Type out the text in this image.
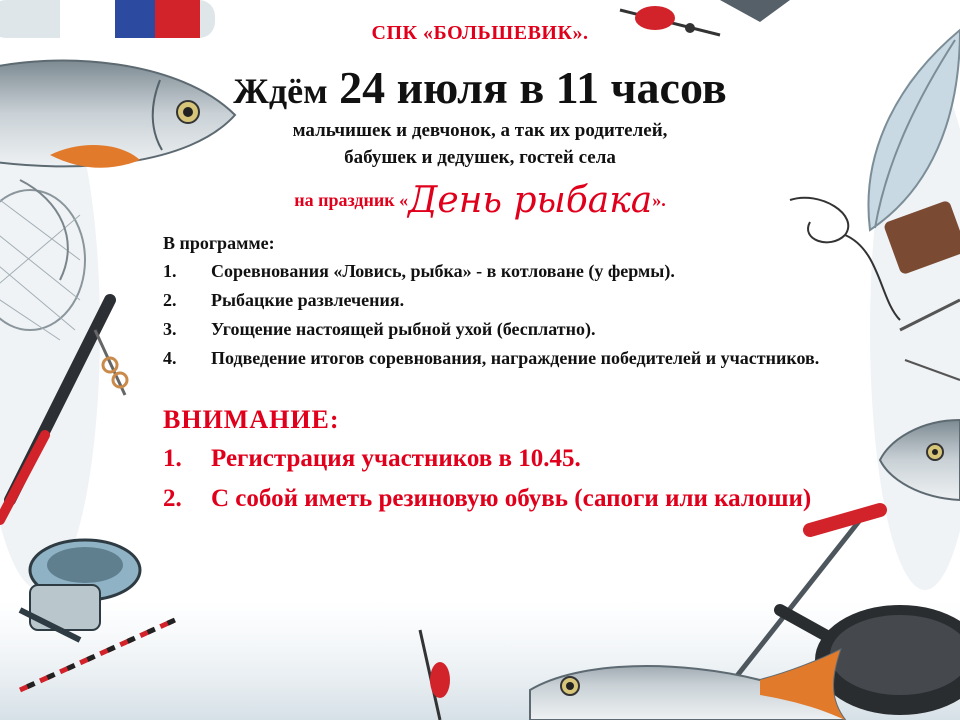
СПК «БОЛЬШЕВИК».
Ждём 24 июля в 11 часов
мальчишек и девчонок, а так их родителей,
бабушек и дедушек, гостей села
на праздник «День рыбака».
В программе:
1.	Соревнования «Ловись, рыбка» - в котловане (у фермы).
2.	Рыбацкие развлечения.
3.	Угощение настоящей рыбной ухой (бесплатно).
4.	Подведение итогов соревнования, награждение победителей и участников.
ВНИМАНИЕ:
1.	Регистрация участников в 10.45.
2.	С собой иметь резиновую обувь (сапоги или калоши)
